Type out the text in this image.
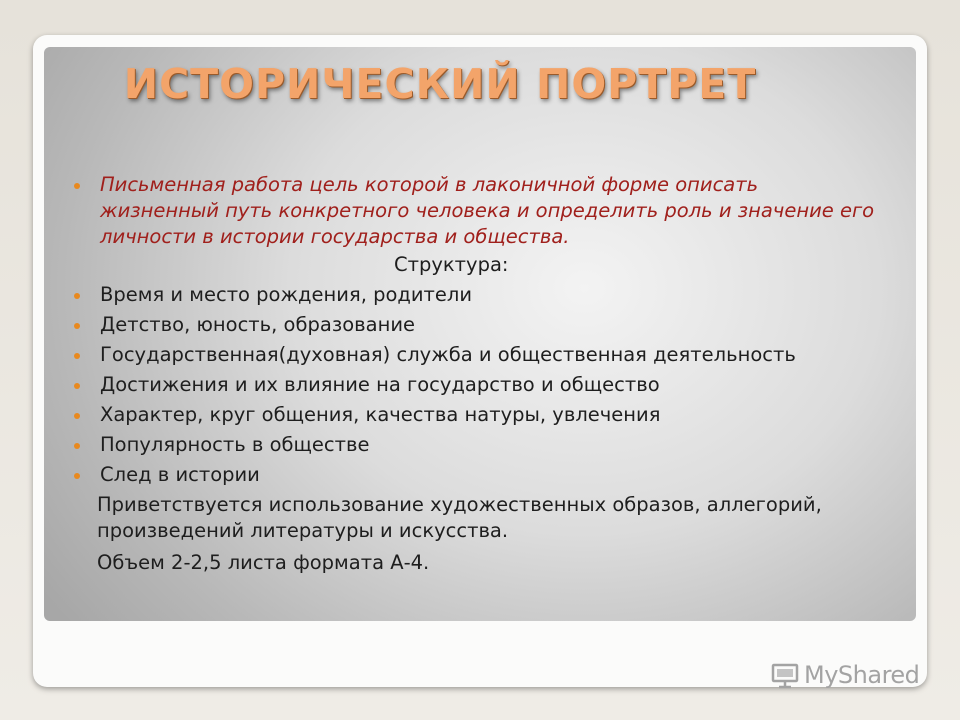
ИСТОРИЧЕСКИЙ ПОРТРЕТ
Письменная работа цель которой в лаконичной форме описать жизненный путь конкретного человека и определить роль и значение его личности в истории государства и общества.
Структура:
Время и место рождения, родители
Детство, юность, образование
Государственная(духовная) служба и общественная деятельность
Достижения и их влияние на государство и общество
Характер, круг общения, качества натуры, увлечения
Популярность в обществе
След в истории
Приветствуется использование художественных образов, аллегорий, произведений литературы и искусства.
Объем 2-2,5 листа формата А-4.
MyShared
